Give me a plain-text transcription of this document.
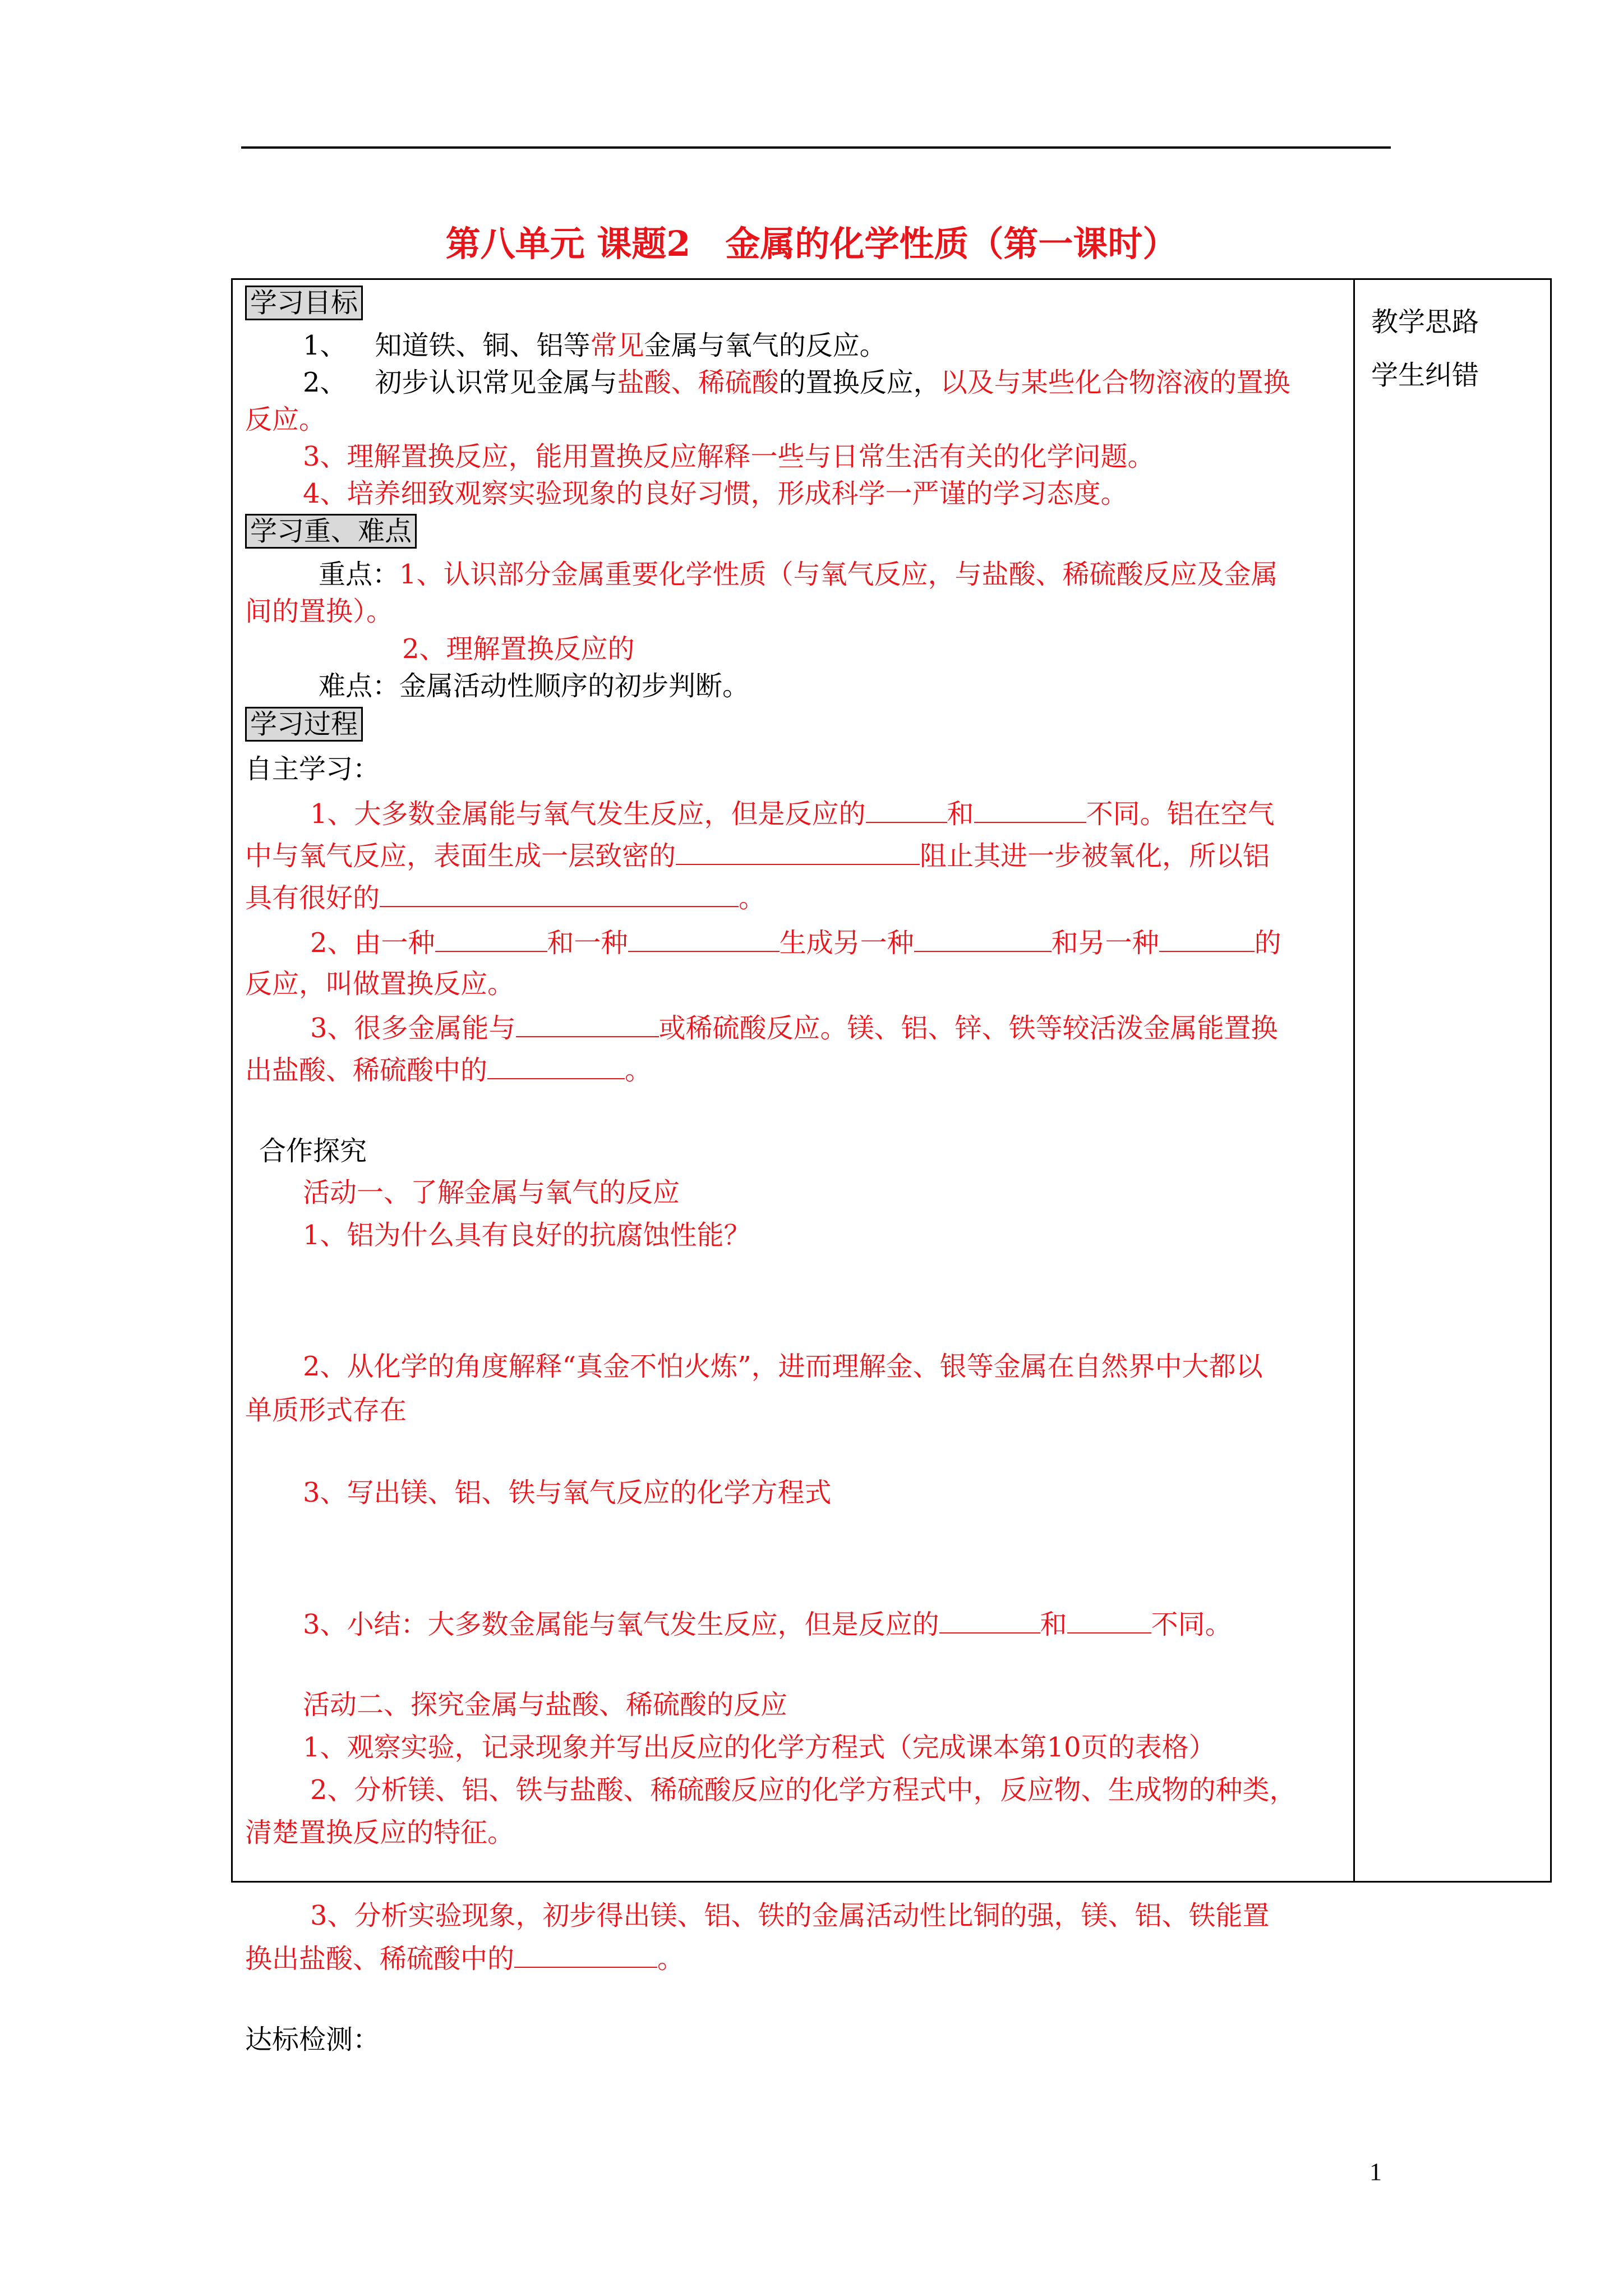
第八单元 课题2　金属的化学性质（第一课时）
教学思路
学生纠错
学习目标
1、 知道铁、铜、铝等常见金属与氧气的反应。
2、 初步认识常见金属与盐酸、稀硫酸的置换反应，以及与某些化合物溶液的置换
反应。
3、理解置换反应，能用置换反应解释一些与日常生活有关的化学问题。
4、培养细致观察实验现象的良好习惯，形成科学一严谨的学习态度。
学习重、难点
重点：1、认识部分金属重要化学性质（与氧气反应，与盐酸、稀硫酸反应及金属
间的置换）。
2、理解置换反应的
难点：金属活动性顺序的初步判断。
学习过程
自主学习：
1、大多数金属能与氧气发生反应，但是反应的	和	不同。铝在空气
中与氧气反应，表面生成一层致密的	阻止其进一步被氧化，所以铝
具有很好的	。
2、由一种	和一种	生成另一种	和另一种	的
反应，叫做置换反应。
3、很多金属能与	或稀硫酸反应。镁、铝、锌、铁等较活泼金属能置换
出盐酸、稀硫酸中的	。
合作探究
活动一、了解金属与氧气的反应
1、铝为什么具有良好的抗腐蚀性能？
2、从化学的角度解释“真金不怕火炼”，进而理解金、银等金属在自然界中大都以
单质形式存在
3、写出镁、铝、铁与氧气反应的化学方程式
3、小结：大多数金属能与氧气发生反应，但是反应的	和	不同。
活动二、探究金属与盐酸、稀硫酸的反应
1、观察实验，记录现象并写出反应的化学方程式（完成课本第10页的表格）
2、分析镁、铝、铁与盐酸、稀硫酸反应的化学方程式中，反应物、生成物的种类，
清楚置换反应的特征。
3、分析实验现象，初步得出镁、铝、铁的金属活动性比铜的强，镁、铝、铁能置
换出盐酸、稀硫酸中的	。
达标检测：
1
